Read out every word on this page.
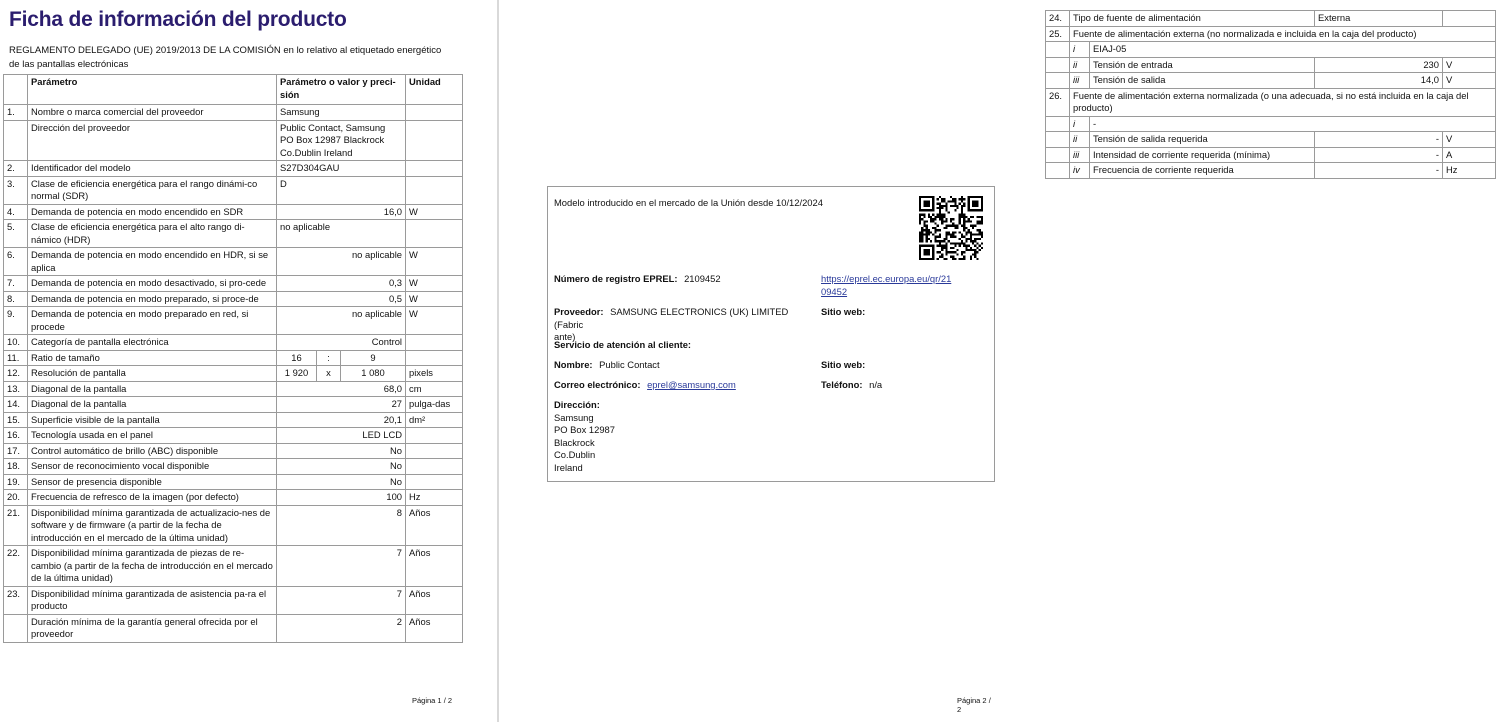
Ficha de información del producto
REGLAMENTO DELEGADO (UE) 2019/2013 DE LA COMISIÓN en lo relativo al etiquetado energético de las pantallas electrónicas
	Parámetro	Parámetro o valor y preci-sión			Unidad
1.	Nombre o marca comercial del proveedor	Samsung			
	Dirección del proveedor	Public Contact, Samsung
PO Box 12987 Blackrock
Co.Dublin Ireland			

2.	Identificador del modelo	S27D304GAU			
3.	Clase de eficiencia energética para el rango dinámi-co normal (SDR)	D			
4.	Demanda de potencia en modo encendido en SDR	16,0			W
5.	Clase de eficiencia energética para el alto rango di-námico (HDR)	no aplicable			
6.	Demanda de potencia en modo encendido en HDR, si se aplica	no aplicable			W
7.	Demanda de potencia en modo desactivado, si pro-cede	0,3			W
8.	Demanda de potencia en modo preparado, si proce-de	0,5			W
9.	Demanda de potencia en modo preparado en red, si procede	no aplicable			W
10.	Categoría de pantalla electrónica	Control			
11.	Ratio de tamaño	16	:	9	
12.	Resolución de pantalla	1 920	x	1 080	pixels
13.	Diagonal de la pantalla	68,0			cm
14.	Diagonal de la pantalla	27			pulga-das
15.	Superficie visible de la pantalla	20,1			dm²
16.	Tecnología usada en el panel	LED LCD			
17.	Control automático de brillo (ABC) disponible	No			
18.	Sensor de reconocimiento vocal disponible	No			
19.	Sensor de presencia disponible	No			
20.	Frecuencia de refresco de la imagen (por defecto)	100			Hz
21.	Disponibilidad mínima garantizada de actualizacio-nes de software y de firmware (a partir de la fecha de introducción en el mercado de la última unidad)	8			Años
22.	Disponibilidad mínima garantizada de piezas de re-cambio (a partir de la fecha de introducción en el mercado de la última unidad)	7			Años
23.	Disponibilidad mínima garantizada de asistencia pa-ra el producto	7			Años
	Duración mínima de la garantía general ofrecida por el proveedor	2			Años
Página 1 / 2
24.	Tipo de fuente de alimentación		Externa	
25.	Fuente de alimentación externa (no normalizada e incluida en la caja del producto)			
	i	EIAJ-05		
	ii	Tensión de entrada	230	V
	iii	Tensión de salida	14,0	V
26.	Fuente de alimentación externa normalizada (o una adecuada, si no está incluida en la caja del producto)			
	i	-		
	ii	Tensión de salida requerida	-	V
	iii	Intensidad de corriente requerida (mínima)	-	A
	iv	Frecuencia de corriente requerida	-	Hz
Modelo introducido en el mercado de la Unión desde 10/12/2024
Número de registro EPREL: 2109452	https://eprel.ec.europa.eu/qr/21
09452
Proveedor: SAMSUNG ELECTRONICS (UK) LIMITED (Fabric
ante)
Sitio web:
Servicio de atención al cliente:
Nombre: Public Contact	Sitio web:
Correo electrónico: eprel@samsung.com	Teléfono: n/a
Dirección:
Samsung
PO Box 12987
Blackrock
Co.Dublin
Ireland
Página 2 / 2
